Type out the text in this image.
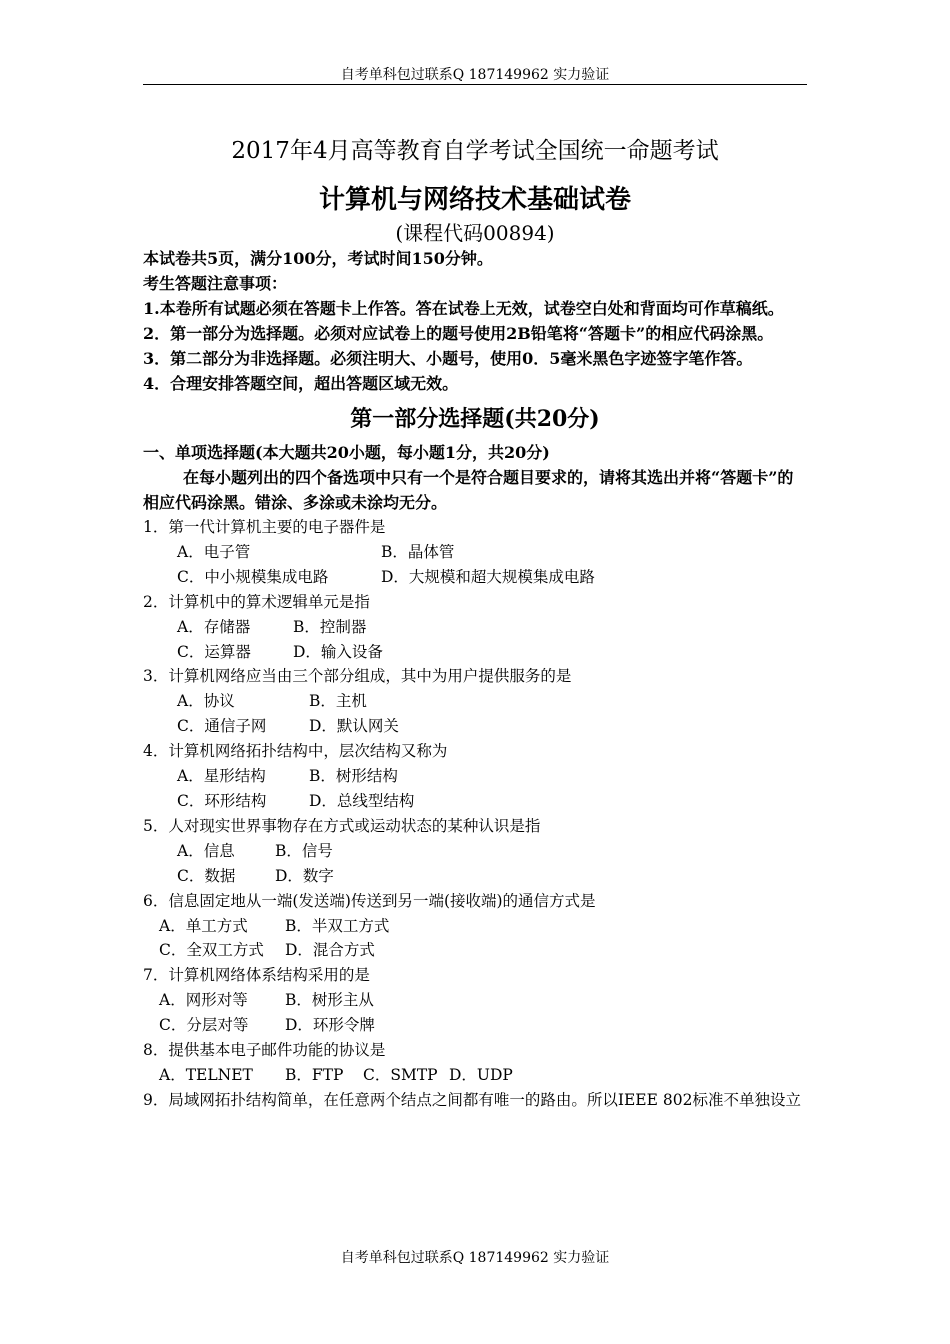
自考单科包过联系Q 187149962 实力验证
2017年4月高等教育自学考试全国统一命题考试
计算机与网络技术基础试卷
(课程代码00894)
本试卷共5页，满分100分，考试时间150分钟。
考生答题注意事项：
1.本卷所有试题必须在答题卡上作答。答在试卷上无效，试卷空白处和背面均可作草稿纸。
2．第一部分为选择题。必须对应试卷上的题号使用2B铅笔将“答题卡”的相应代码涂黑。
3．第二部分为非选择题。必须注明大、小题号，使用0．5毫米黑色字迹签字笔作答。
4．合理安排答题空间，超出答题区域无效。
第一部分选择题(共20分)
一、单项选择题(本大题共20小题，每小题1分，共20分)
在每小题列出的四个备选项中只有一个是符合题目要求的，请将其选出并将“答题卡”的相应代码涂黑。错涂、多涂或未涂均无分。
1．第一代计算机主要的电子器件是
A．电子管	B．晶体管
C．中小规模集成电路	D．大规模和超大规模集成电路
2．计算机中的算术逻辑单元是指
A．存储器	B．控制器
C．运算器	D．输入设备
3．计算机网络应当由三个部分组成，其中为用户提供服务的是
A．协议	B．主机
C．通信子网	D．默认网关
4．计算机网络拓扑结构中，层次结构又称为
A．星形结构	B．树形结构
C．环形结构	D．总线型结构
5．人对现实世界事物存在方式或运动状态的某种认识是指
A．信息	B．信号
C．数据	D．数字
6．信息固定地从一端(发送端)传送到另一端(接收端)的通信方式是
A．单工方式 B．半双工方式
C．全双工方式 D．混合方式
7．计算机网络体系结构采用的是
A．网形对等 B．树形主从
C．分层对等 D．环形令牌
8．提供基本电子邮件功能的协议是
A．TELNET B．FTP C．SMTP D．UDP
9．局域网拓扑结构简单，在任意两个结点之间都有唯一的路由。所以IEEE 802标准不单独设立
自考单科包过联系Q 187149962 实力验证
